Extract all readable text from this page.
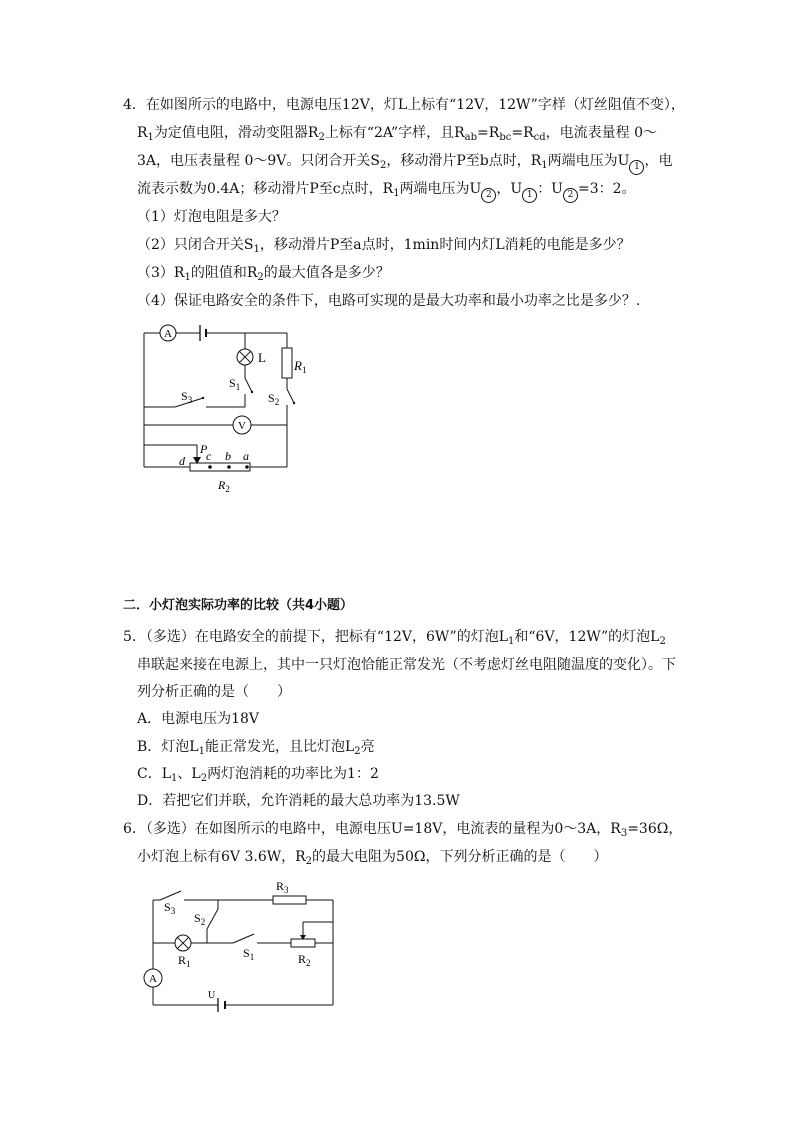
4．在如图所示的电路中，电源电压12V，灯L上标有“12V，12W”字样（灯丝阻值不变），
$R_1$为定值电阻，滑动变阻器$R_2$上标有“2A”字样，且$R_{ab}=R_{bc}=R_{cd}$，电流表量程 0～
3A，电压表量程 0～9V。只闭合开关$S_2$，移动滑片P至b点时，$R_1$两端电压为U 1 ，电
流表示数为0.4A；移动滑片P至c点时，$R_1$两端电压为U 2 ，U 1 ：U 2 =3：2。
（1）灯泡电阻是多大？
（2）只闭合开关$S_1$，移动滑片P至a点时，1min时间内灯L消耗的电能是多少？
$(3)R_1$的阻值和$R_2$的最大值各是多少？
（4）保证电路安全的条件下，电路可实现的是最大功率和最小功率之比是多少？.
A
L
V
$R_1$
$S_1$
$S_2$
$S_3$
P
c b a
d
$R_2$
二．小灯泡实际功率的比较（共4小题）
5．（多选）在电路安全的前提下，把标有“12V，6W”的灯泡$L_1$和“6V，12W”的灯泡$L_2$
串联起来接在电源上，其中一只灯泡恰能正常发光（不考虑灯丝电阻随温度的变化）。下
列分析正确的是（　　）
A．电源电压为18V
B．灯泡$L_1$能正常发光，且比灯泡$L_2$亮
C．$L_1$、$L_2$两灯泡消耗的功率比为1：2
D．若把它们并联，允许消耗的最大总功率为13.5W
6．（多选）在如图所示的电路中，电源电压U=18V，电流表的量程为0～3A，$R_3=36\Omega$，
小灯泡上标有6V 3.6W，$R_2$的最大电阻为50Ω，下列分析正确的是（　　）
A
$R_3$
$S_3$ $S_2$
$R_1$
$S_1$	$R_2$
U
